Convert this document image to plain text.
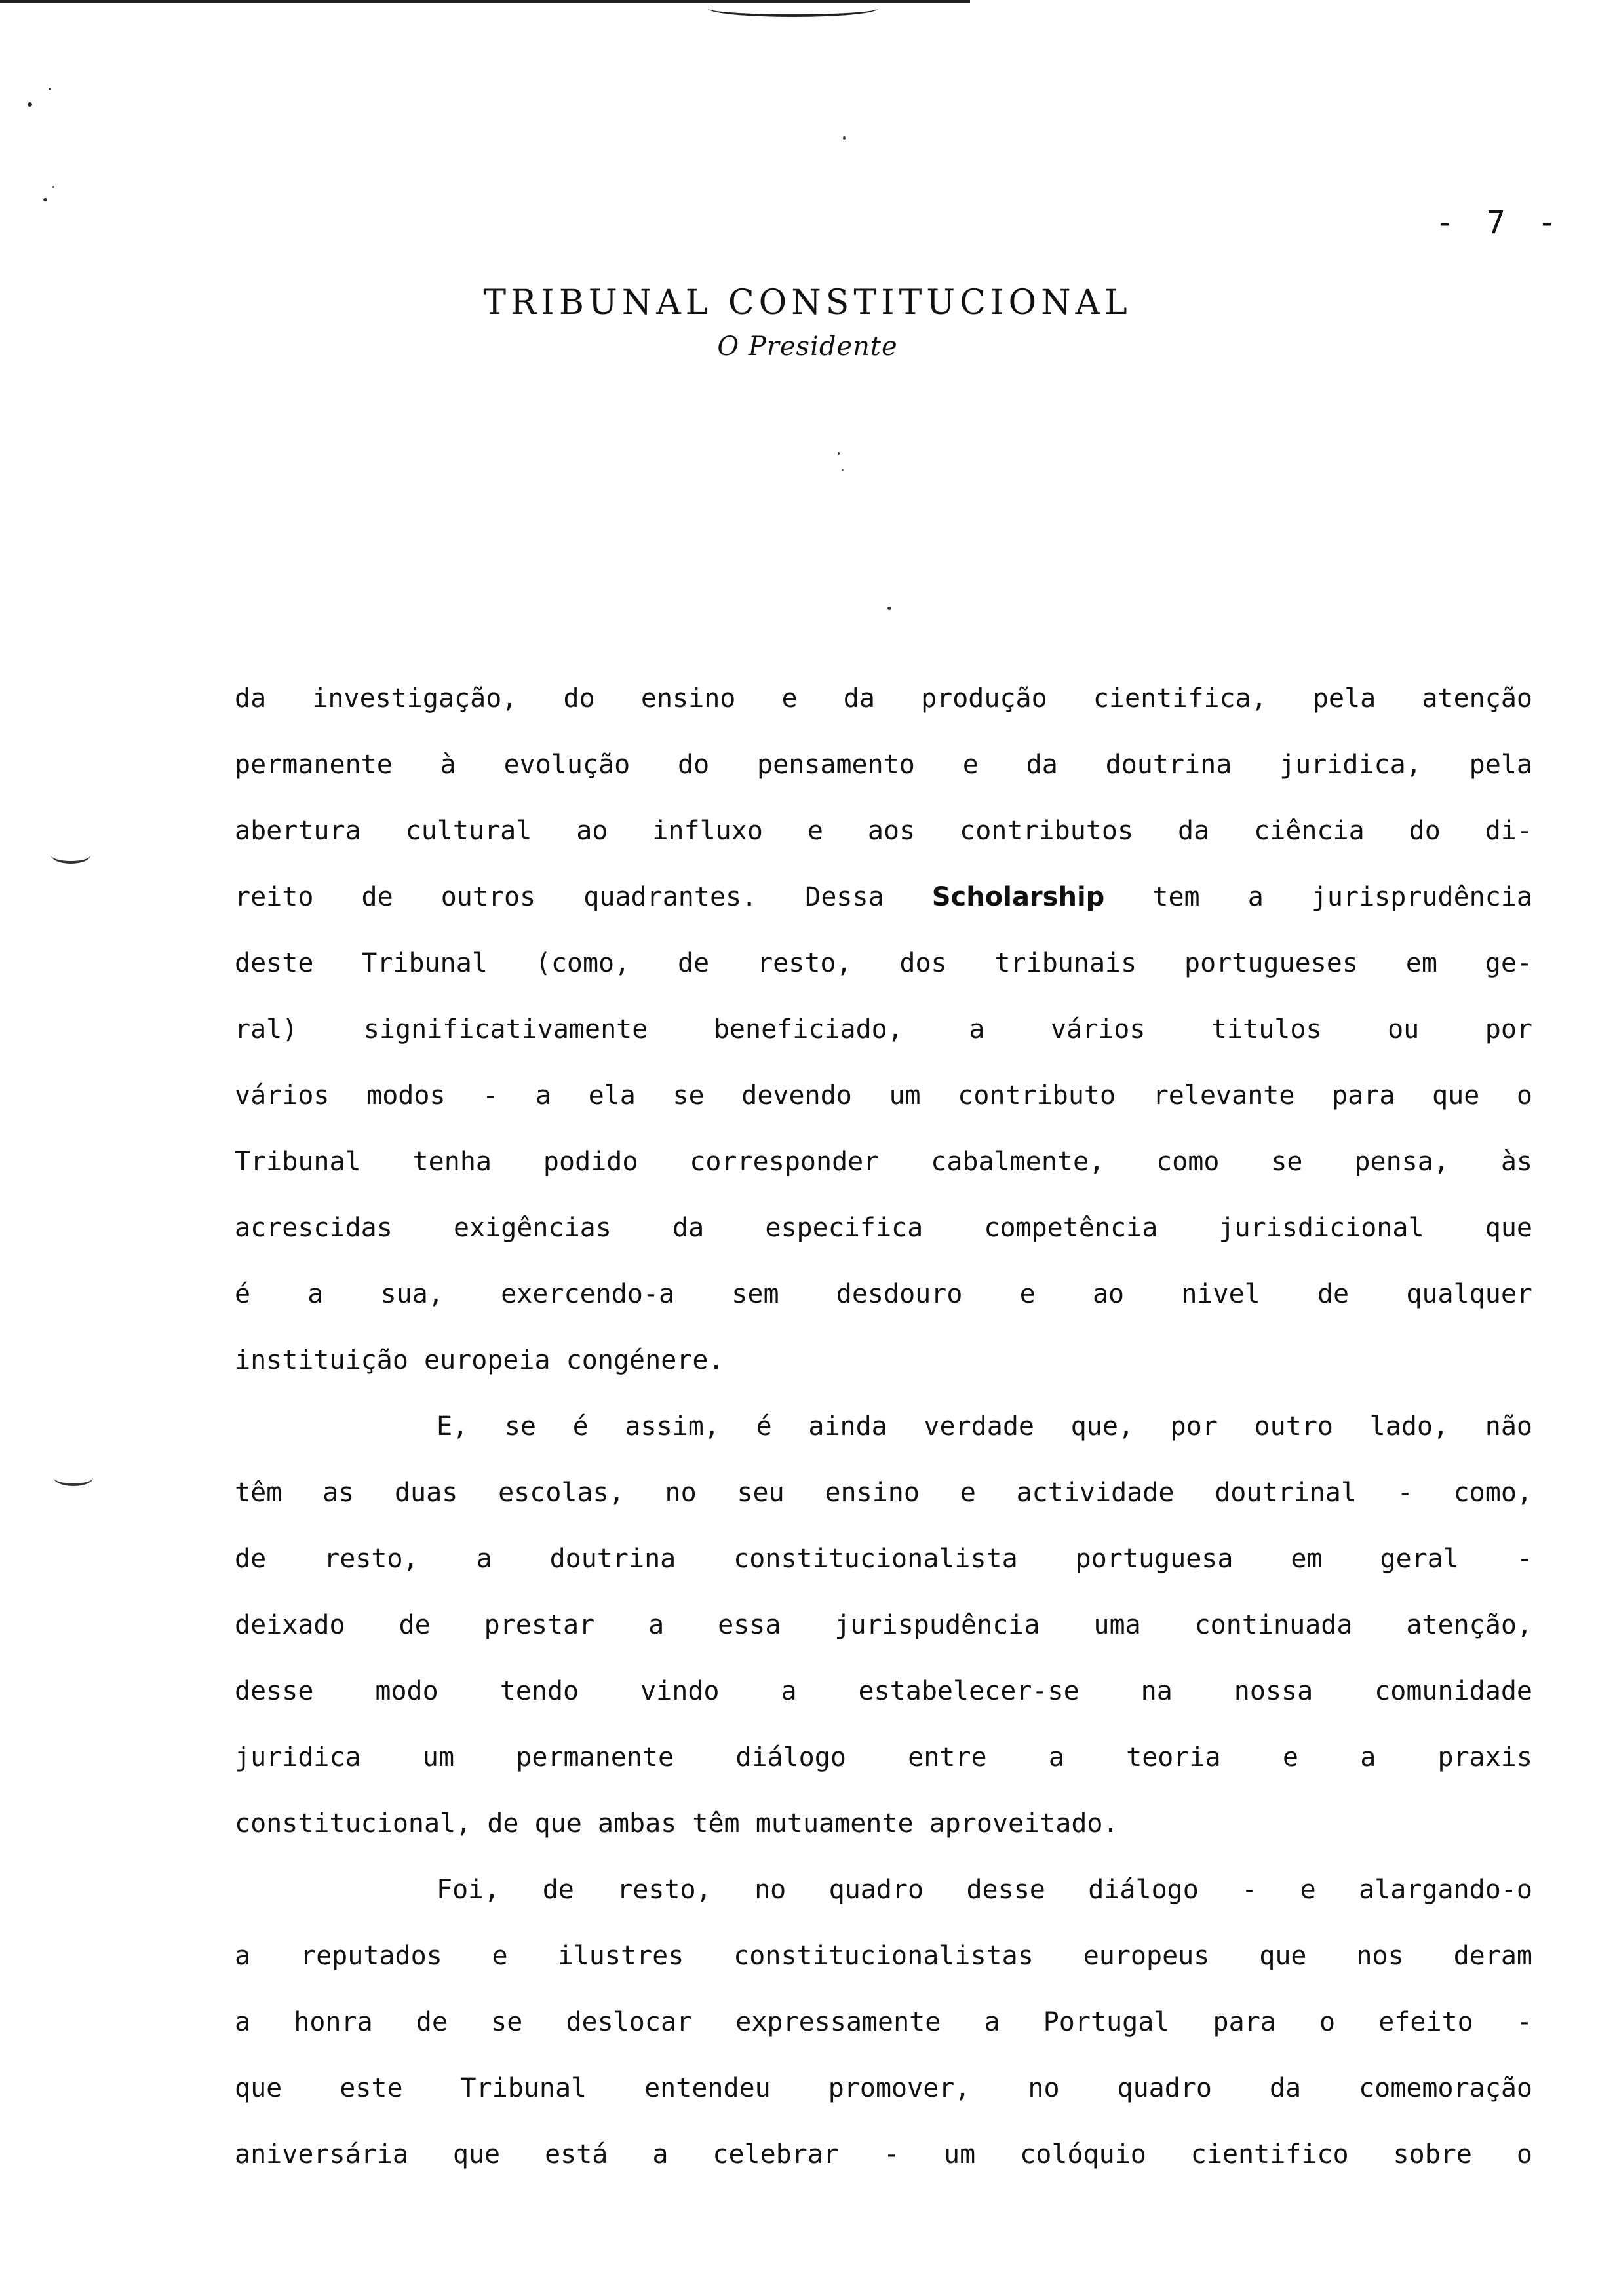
- 7 -
TRIBUNAL CONSTITUCIONAL
O Presidente
da investigação, do ensino e da produção cientifica, pela atenção
permanente à evolução do pensamento e da doutrina juridica, pela
abertura cultural ao influxo e aos contributos da ciência do di-
reito de outros quadrantes. Dessa Scholarship tem a jurisprudência
deste Tribunal (como, de resto, dos tribunais portugueses em ge-
ral) significativamente beneficiado, a vários titulos ou por
vários modos - a ela se devendo um contributo relevante para que o
Tribunal tenha podido corresponder cabalmente, como se pensa, às
acrescidas exigências da especifica competência jurisdicional que
é a sua, exercendo-a sem desdouro e ao nivel de qualquer
instituição europeia congénere.
E, se é assim, é ainda verdade que, por outro lado, não
têm as duas escolas, no seu ensino e actividade doutrinal - como,
de resto, a doutrina constitucionalista portuguesa em geral -
deixado de prestar a essa jurispudência uma continuada atenção,
desse modo tendo vindo a estabelecer-se na nossa comunidade
juridica um permanente diálogo entre a teoria e a praxis
constitucional, de que ambas têm mutuamente aproveitado.
Foi, de resto, no quadro desse diálogo - e alargando-o
a reputados e ilustres constitucionalistas europeus que nos deram
a honra de se deslocar expressamente a Portugal para o efeito -
que este Tribunal entendeu promover, no quadro da comemoração
aniversária que está a celebrar - um colóquio cientifico sobre o
